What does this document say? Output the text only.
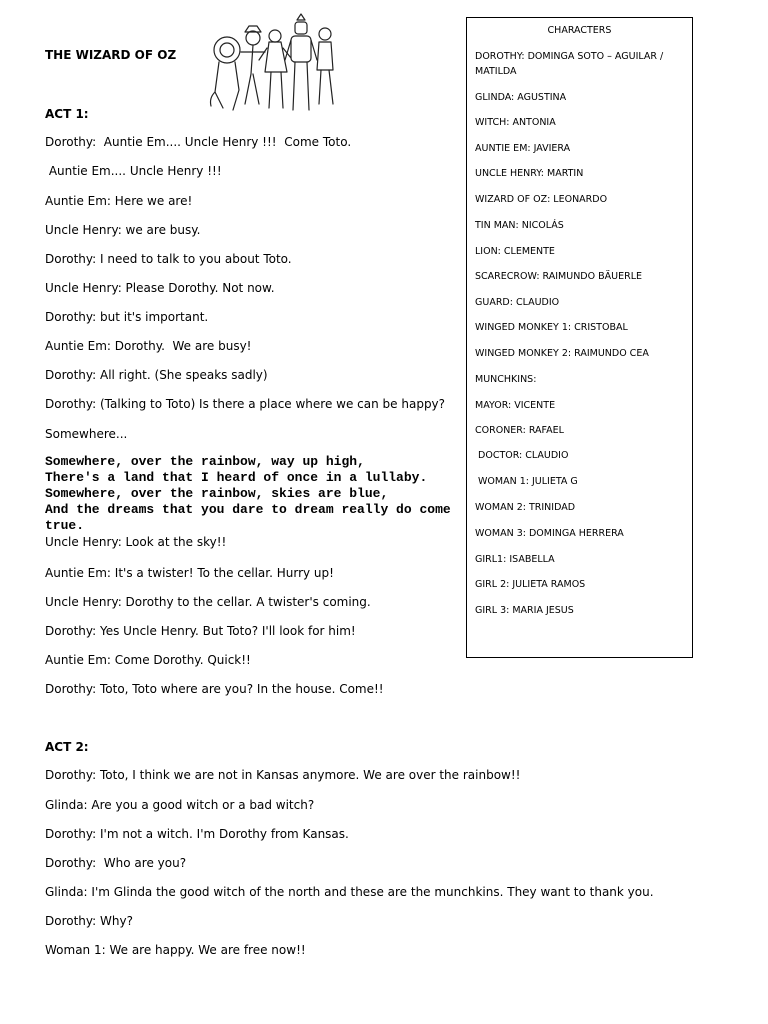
THE WIZARD OF OZ
ACT 1:
Dorothy:  Auntie Em.... Uncle Henry !!!  Come Toto.
Auntie Em.... Uncle Henry !!!
Auntie Em: Here we are!
Uncle Henry: we are busy.
Dorothy: I need to talk to you about Toto.
Uncle Henry: Please Dorothy. Not now.
Dorothy: but it's important.
Auntie Em: Dorothy.  We are busy!
Dorothy: All right. (She speaks sadly)
Dorothy: (Talking to Toto) Is there a place where we can be happy?
Somewhere...
Somewhere, over the rainbow, way up high,
There's a land that I heard of once in a lullaby.
Somewhere, over the rainbow, skies are blue,
And the dreams that you dare to dream really do come true.
Uncle Henry: Look at the sky!!
Auntie Em: It's a twister! To the cellar. Hurry up!
Uncle Henry: Dorothy to the cellar. A twister's coming.
Dorothy: Yes Uncle Henry. But Toto? I'll look for him!
Auntie Em: Come Dorothy. Quick!!
Dorothy: Toto, Toto where are you? In the house. Come!!
ACT 2:
Dorothy: Toto, I think we are not in Kansas anymore. We are over the rainbow!!
Glinda: Are you a good witch or a bad witch?
Dorothy: I'm not a witch. I'm Dorothy from Kansas.
Dorothy:  Who are you?
Glinda: I'm Glinda the good witch of the north and these are the munchkins. They want to thank you.
Dorothy: Why?
Woman 1: We are happy. We are free now!!
CHARACTERS
DOROTHY: DOMINGA SOTO – AGUILAR /
MATILDA
GLINDA: AGUSTINA
WITCH: ANTONIA
AUNTIE EM: JAVIERA
UNCLE HENRY: MARTIN
WIZARD OF OZ: LEONARDO
TIN MAN: NICOLÁS
LION: CLEMENTE
SCARECROW: RAIMUNDO BÄUERLE
GUARD: CLAUDIO
WINGED MONKEY 1: CRISTOBAL
WINGED MONKEY 2: RAIMUNDO CEA
MUNCHKINS:
MAYOR: VICENTE
CORONER: RAFAEL
DOCTOR: CLAUDIO
WOMAN 1: JULIETA G
WOMAN 2: TRINIDAD
WOMAN 3: DOMINGA HERRERA
GIRL1: ISABELLA
GIRL 2: JULIETA RAMOS
GIRL 3: MARIA JESUS
